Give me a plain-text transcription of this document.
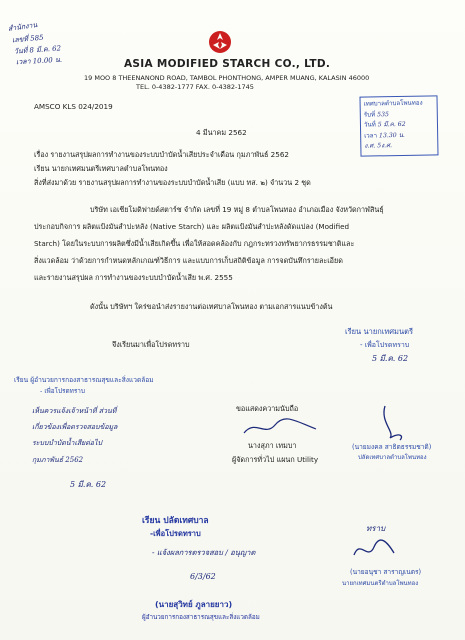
สำนักงาน
เลขที่ 585
วันที่ 8 มี.ค. 62
เวลา 10.00 น.	ASIA MODIFIED STARCH CO., LTD.
19 MOO 8 THEENANOND ROAD, TAMBOL PHONTHONG, AMPER MUANG, KALASIN 46000
TEL. 0-4382-1777 FAX. 0-4382-1745
เทศบาลตำบลโพนทอง
รับที่ 535
วันที่ 5 มี.ค. 62
เวลา 13.30 น.
ง.ศ. 5ง.ศ.
AMSCO KLS 024/2019
4 มีนาคม 2562
เรื่อง รายงานสรุปผลการทำงานของระบบบำบัดน้ำเสียประจำเดือน กุมภาพันธ์ 2562
เรียน นายกเทศมนตรีเทศบาลตำบลโพนทอง
สิ่งที่ส่งมาด้วย รายงานสรุปผลการทำงานของระบบบำบัดน้ำเสีย (แบบ ทส. ๒) จำนวน 2 ชุด
บริษัท เอเชียโมดิฟายด์สตาร์ช จำกัด เลขที่ 19 หมู่ 8 ตำบลโพนทอง อำเภอเมือง จังหวัดกาฬสินธุ์
ประกอบกิจการ ผลิตแป้งมันสำปะหลัง (Native Starch) และ ผลิตแป้งมันสำปะหลังดัดแปลง (Modified
Starch) โดยในระบบการผลิตซึ่งมีน้ำเสียเกิดขึ้น เพื่อให้สอดคล้องกับ กฎกระทรวงทรัพยากรธรรมชาติและ
สิ่งแวดล้อม ว่าด้วยการกำหนดหลักเกณฑ์วิธีการ และแบบการเก็บสถิติข้อมูล การจดบันทึกรายละเอียด
และรายงานสรุปผล การทำงานของระบบบำบัดน้ำเสีย พ.ศ. 2555
ดังนั้น บริษัทฯ ใคร่ขอนำส่งรายงานต่อเทศบาลโพนทอง ตามเอกสารแนบข้างต้น
จึงเรียนมาเพื่อโปรดทราบ
เรียน นายกเทศมนตรี
- เพื่อโปรดทราบ
5 มี.ค. 62
เรียน ผู้อำนวยการกองสาธารณสุขและสิ่งแวดล้อม
- เพื่อโปรดทราบ
เห็นควรแจ้งเจ้าหน้าที่ ส่วนที่
เกี่ยวข้องเพื่อตรวจสอบข้อมูล
ระบบบำบัดน้ำเสียต่อไป
กุมภาพันธ์ 2562
5 มี.ค. 62
ขอแสดงความนับถือ
นางสุภา เทมบา
ผู้จัดการทั่วไป แผนก Utility
(นายมงคล สาธิตธรรมชาติ)
ปลัดเทศบาลตำบลโพนทอง
เรียน ปลัดเทศบาล
-เพื่อโปรดทราบ
- แจ้งผลการตรวจสอบ / อนุญาต
6/3/62
(นายสุวิทย์ ภูลายยาว)
ผู้อำนวยการกองสาธารณสุขและสิ่งแวดล้อม
ทราบ
(นายอนุชา สาราญเนตร)
นายกเทศมนตรีตำบลโพนทอง
